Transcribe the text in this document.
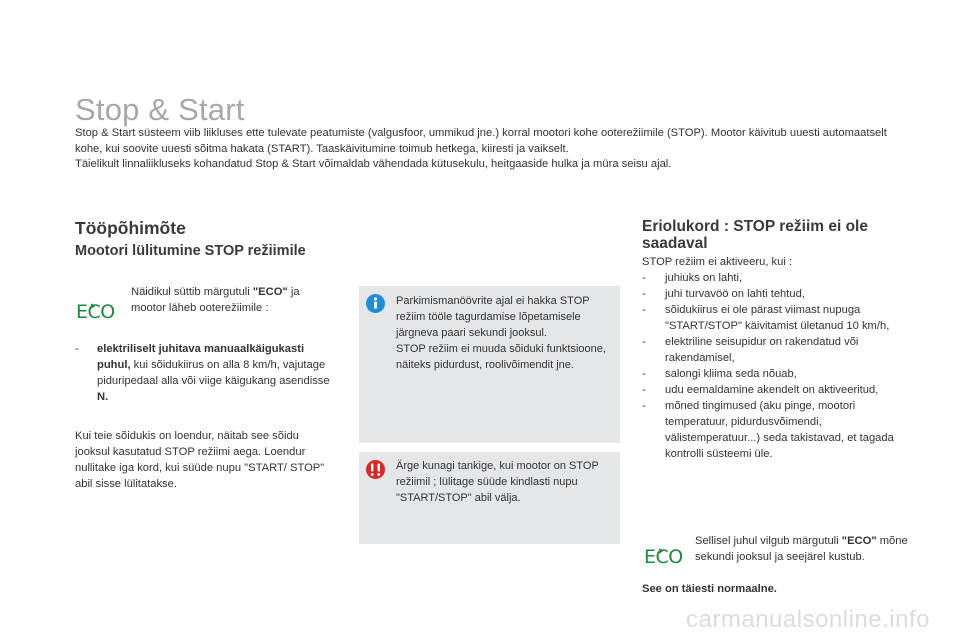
Stop & Start

Stop & Start süsteem viib liikluses ette tulevate peatumiste (valgusfoor, ummikud jne.) korral mootori kohe ooterežiimile (STOP). Mootor käivitub uuesti automaatselt kohe, kui soovite uuesti sõitma hakata (START). Taaskäivitumine toimub hetkega, kiiresti ja vaikselt.

Täielikult linnaliikluseks kohandatud Stop & Start võimaldab vähendada kütusekulu, heitgaaside hulka ja müra seisu ajal.

Tööpõhimõte
Mootori lülitumine STOP režiimile
ECO
Näidikul süttib märgutuli "ECO" ja mootor läheb ooterežiimile :
-	elektriliselt juhitava manuaalkäigukasti puhul, kui sõidukiirus on alla 8 km/h, vajutage piduripedaal alla või viige käigukang asendisse N.
Kui teie sõidukis on loendur, näitab see sõidu jooksul kasutatud STOP režiimi aega. Loendur nullitake iga kord, kui süüde nupu "START/ STOP" abil sisse lülitatakse.
Parkimismanöövrite ajal ei hakka STOP režiim tööle tagurdamise lõpetamisele järgneva paari sekundi jooksul.
STOP režiim ei muuda sõiduki funktsioone, näiteks pidurdust, roolivõimendit jne.
Ärge kunagi tankige, kui mootor on STOP režiimil ; lülitage süüde kindlasti nupu "START/STOP" abil välja.
Eriolukord : STOP režiim ei ole saadaval
STOP režiim ei aktiveeru, kui :
-	juhiuks on lahti,
-	juhi turvavöö on lahti tehtud,
-	sõidukiirus ei ole pärast viimast nupuga "START/STOP" käivitamist ületanud 10 km/h,
-	elektriline seisupidur on rakendatud või rakendamisel,
-	salongi kliima seda nõuab,
-	udu eemaldamine akendelt on aktiveeritud,
-	mõned tingimused (aku pinge, mootori temperatuur, pidurdusvõimendi, välistemperatuur...) seda takistavad, et tagada kontrolli süsteemi üle.
ECO
Sellisel juhul vilgub märgutuli "ECO" mõne sekundi jooksul ja seejärel kustub.
See on täiesti normaalne.
carmanualsonline.info
